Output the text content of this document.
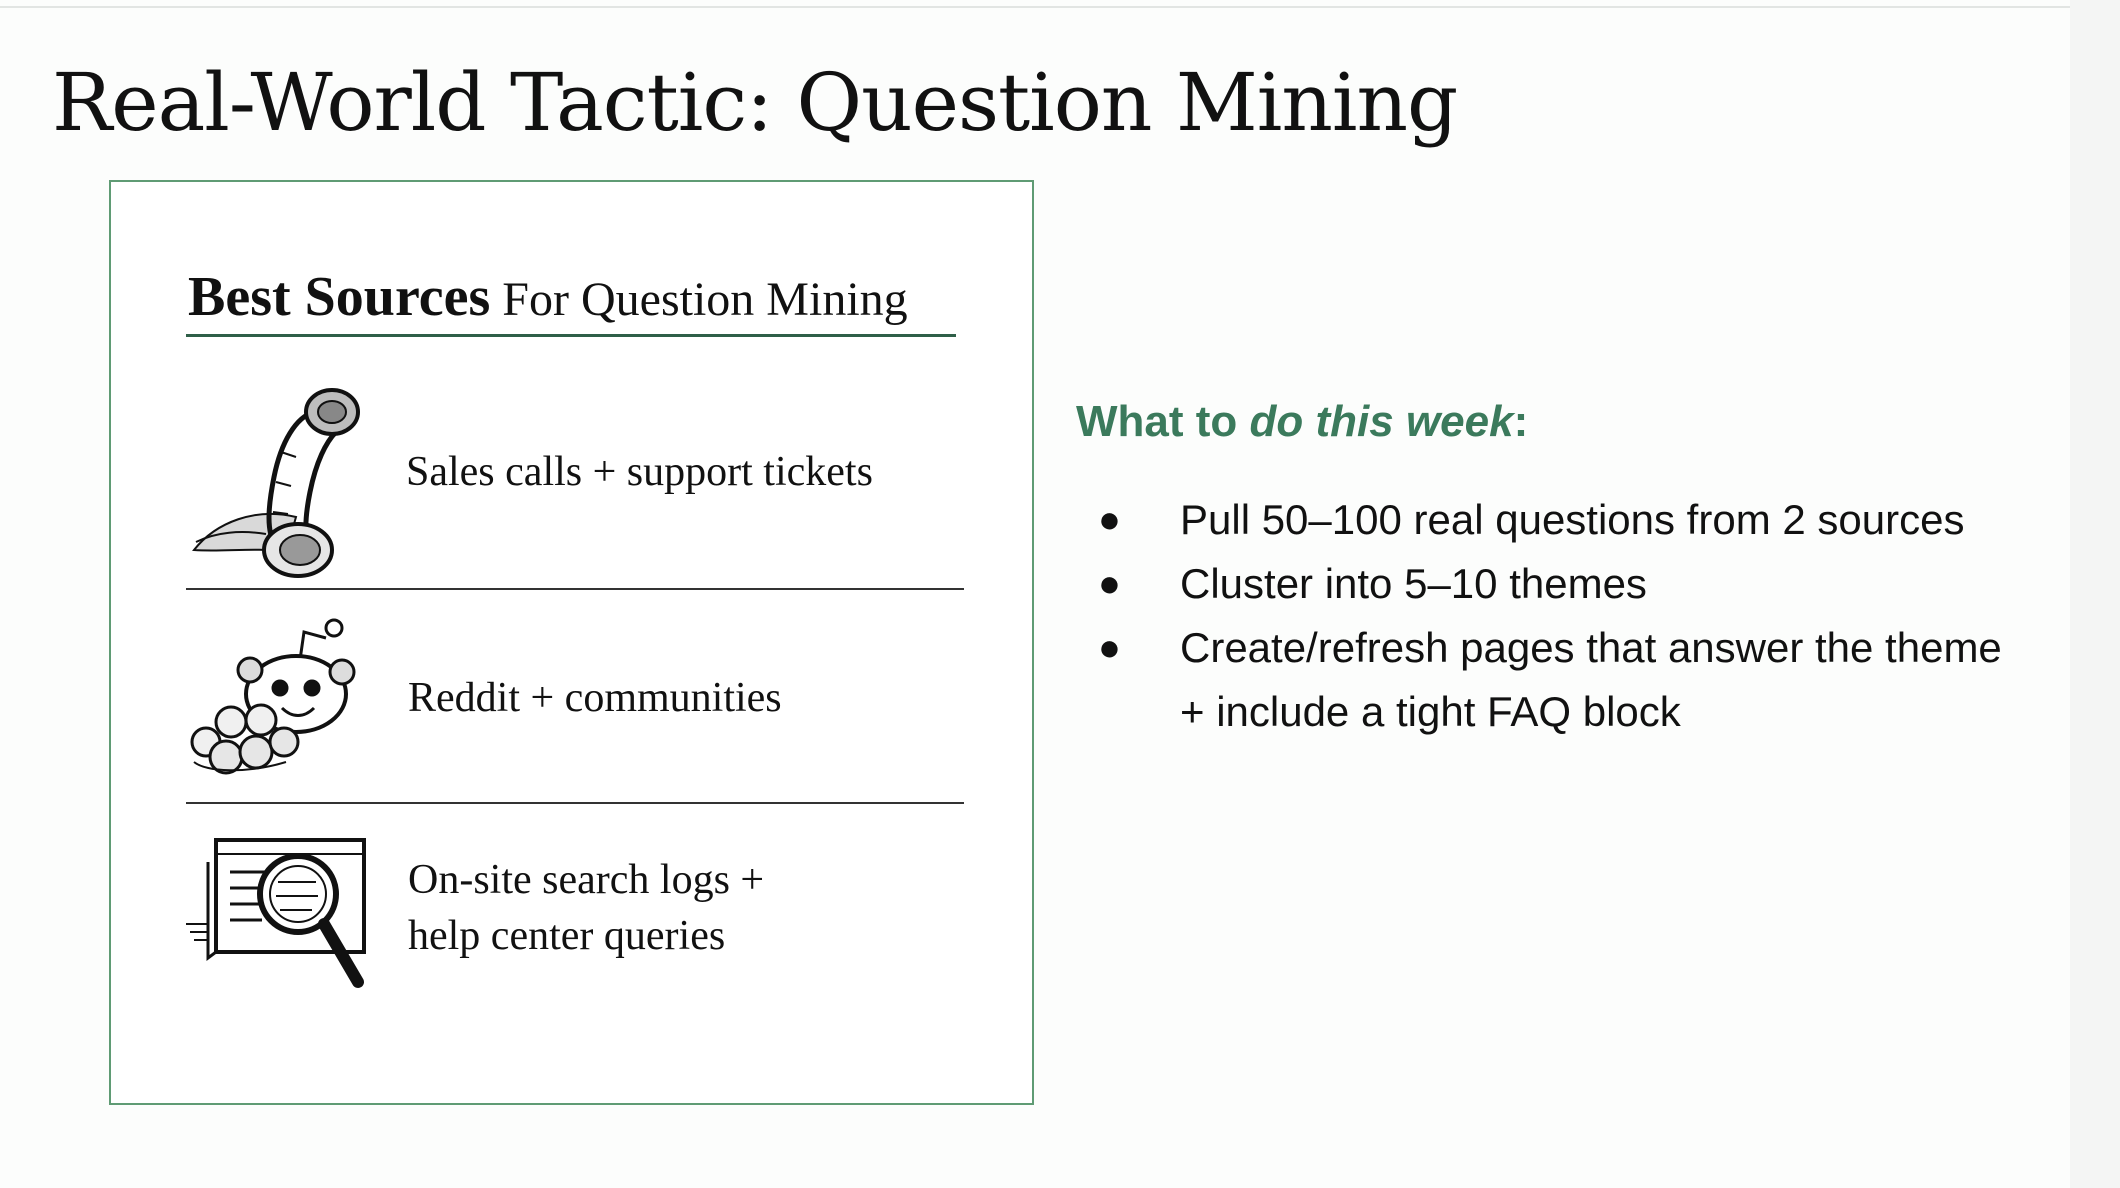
Real-World Tactic: Question Mining
Best Sources For Question Mining
Sales calls + support tickets
Reddit + communities
On-site search logs +
help center queries
What to do this week:
● Pull 50–100 real questions from 2 sources
● Cluster into 5–10 themes
● Create/refresh pages that answer the theme + include a tight FAQ block
